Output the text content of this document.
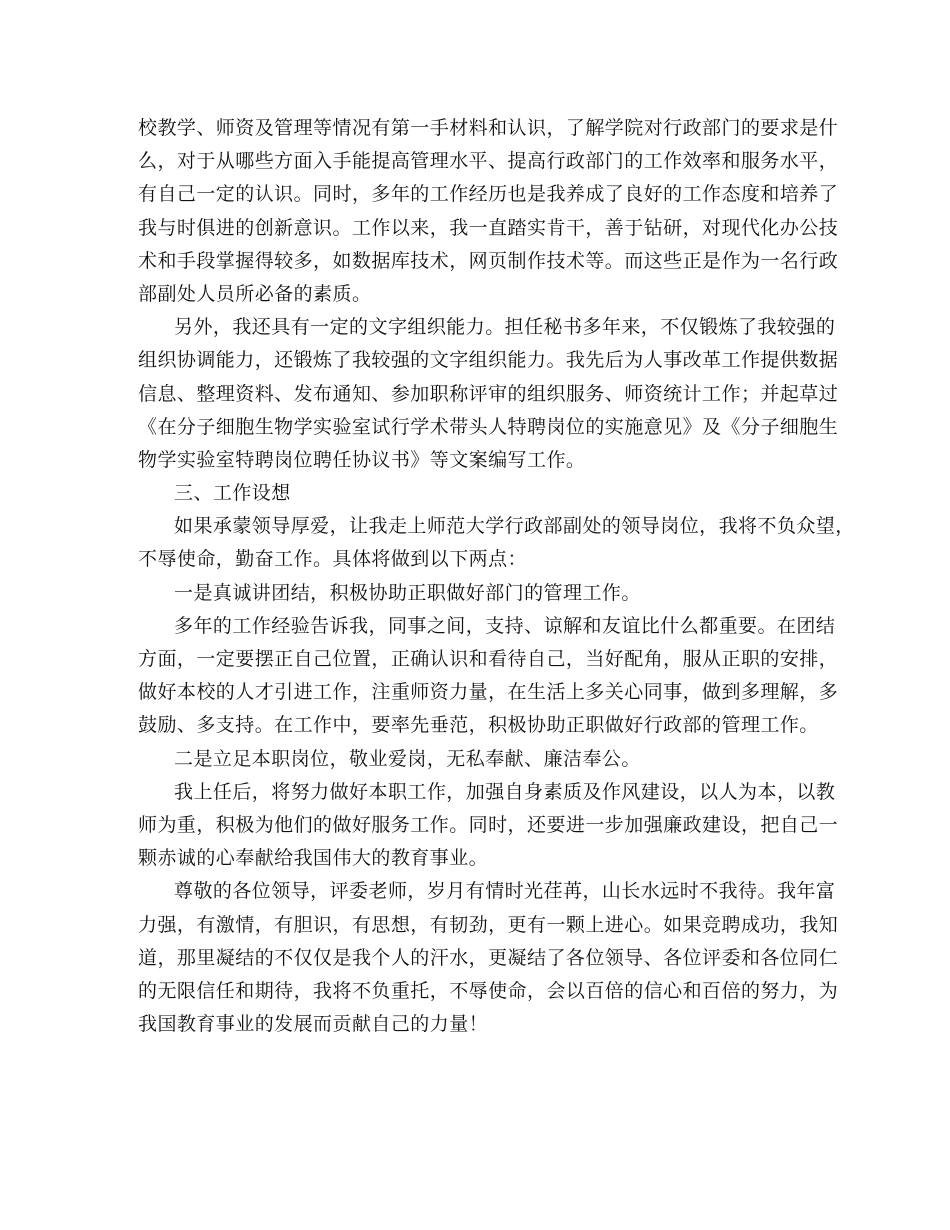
校教学、师资及管理等情况有第一手材料和认识，了解学院对行政部门的要求是什
么，对于从哪些方面入手能提高管理水平、提高行政部门的工作效率和服务水平，
有自己一定的认识。同时，多年的工作经历也是我养成了良好的工作态度和培养了
我与时俱进的创新意识。工作以来，我一直踏实肯干，善于钻研，对现代化办公技
术和手段掌握得较多，如数据库技术，网页制作技术等。而这些正是作为一名行政
部副处人员所必备的素质。
另外，我还具有一定的文字组织能力。担任秘书多年来，不仅锻炼了我较强的
组织协调能力，还锻炼了我较强的文字组织能力。我先后为人事改革工作提供数据
信息、整理资料、发布通知、参加职称评审的组织服务、师资统计工作；并起草过
《在分子细胞生物学实验室试行学术带头人特聘岗位的实施意见》及《分子细胞生
物学实验室特聘岗位聘任协议书》等文案编写工作。
三、工作设想
如果承蒙领导厚爱，让我走上师范大学行政部副处的领导岗位，我将不负众望，
不辱使命，勤奋工作。具体将做到以下两点：
一是真诚讲团结，积极协助正职做好部门的管理工作。
多年的工作经验告诉我，同事之间，支持、谅解和友谊比什么都重要。在团结
方面，一定要摆正自己位置，正确认识和看待自己，当好配角，服从正职的安排，
做好本校的人才引进工作，注重师资力量，在生活上多关心同事，做到多理解，多
鼓励、多支持。在工作中，要率先垂范，积极协助正职做好行政部的管理工作。
二是立足本职岗位，敬业爱岗，无私奉献、廉洁奉公。
我上任后，将努力做好本职工作，加强自身素质及作风建设，以人为本，以教
师为重，积极为他们的做好服务工作。同时，还要进一步加强廉政建设，把自己一
颗赤诚的心奉献给我国伟大的教育事业。
尊敬的各位领导，评委老师，岁月有情时光荏苒，山长水远时不我待。我年富
力强，有激情，有胆识，有思想，有韧劲，更有一颗上进心。如果竞聘成功，我知
道，那里凝结的不仅仅是我个人的汗水，更凝结了各位领导、各位评委和各位同仁
的无限信任和期待，我将不负重托，不辱使命，会以百倍的信心和百倍的努力，为
我国教育事业的发展而贡献自己的力量！
